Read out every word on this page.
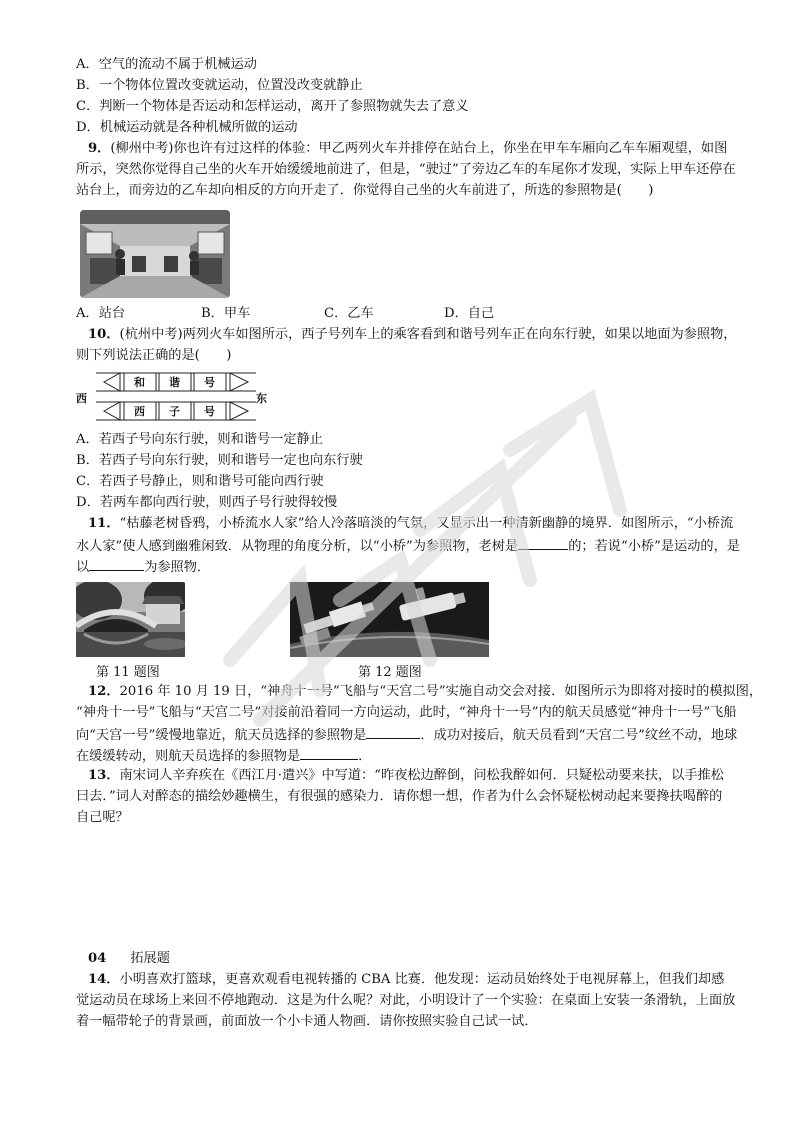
A．空气的流动不属于机械运动
B．一个物体位置改变就运动，位置没改变就静止
C．判断一个物体是否运动和怎样运动，离开了参照物就失去了意义
D．机械运动就是各种机械所做的运动
9．(柳州中考)你也许有过这样的体验：甲乙两列火车并排停在站台上，你坐在甲车车厢向乙车车厢观望，如图
所示，突然你觉得自己坐的火车开始缓缓地前进了，但是，“驶过”了旁边乙车的车尾你才发现，实际上甲车还停在
站台上，而旁边的乙车却向相反的方向开走了．你觉得自己坐的火车前进了，所选的参照物是(　　)
A．站台	B．甲车	C．乙车	D．自己
10．(杭州中考)两列火车如图所示，西子号列车上的乘客看到和谐号列车正在向东行驶，如果以地面为参照物，
则下列说法正确的是(　　)
和 谐 号
西 子 号
西	东
A．若西子号向东行驶，则和谐号一定静止
B．若西子号向东行驶，则和谐号一定也向东行驶
C．若西子号静止，则和谐号可能向西行驶
D．若两车都向西行驶，则西子号行驶得较慢
11．“枯藤老树昏鸦，小桥流水人家”给人冷落暗淡的气氛，又显示出一种清新幽静的境界．如图所示，“小桥流
水人家”使人感到幽雅闲致．从物理的角度分析，以“小桥”为参照物，老树是	的；若说“小桥”是运动的，是
以	为参照物．
第 11 题图	第 12 题图
12．2016 年 10 月 19 日，“神舟十一号”飞船与“天宫二号”实施自动交会对接．如图所示为即将对接时的模拟图，
“神舟十一号”飞船与“天宫二号”对接前沿着同一方向运动，此时，“神舟十一号”内的航天员感觉“神舟十一号”飞船
向“天宫一号”缓慢地靠近，航天员选择的参照物是	．成功对接后，航天员看到“天宫二号”纹丝不动，地球
在缓缓转动，则航天员选择的参照物是	．
13．南宋词人辛弃疾在《西江月·遣兴》中写道：“昨夜松边醉倒，问松我醉如何．只疑松动要来扶，以手推松
曰去．”词人对醉态的描绘妙趣横生，有很强的感染力．请你想一想，作者为什么会怀疑松树动起来要搀扶喝醉的
自己呢？
04 拓展题
14．小明喜欢打篮球，更喜欢观看电视转播的 CBA 比赛．他发现：运动员始终处于电视屏幕上，但我们却感
觉运动员在球场上来回不停地跑动．这是为什么呢？对此，小明设计了一个实验：在桌面上安装一条滑轨，上面放
着一幅带轮子的背景画，前面放一个小卡通人物画．请你按照实验自己试一试．
